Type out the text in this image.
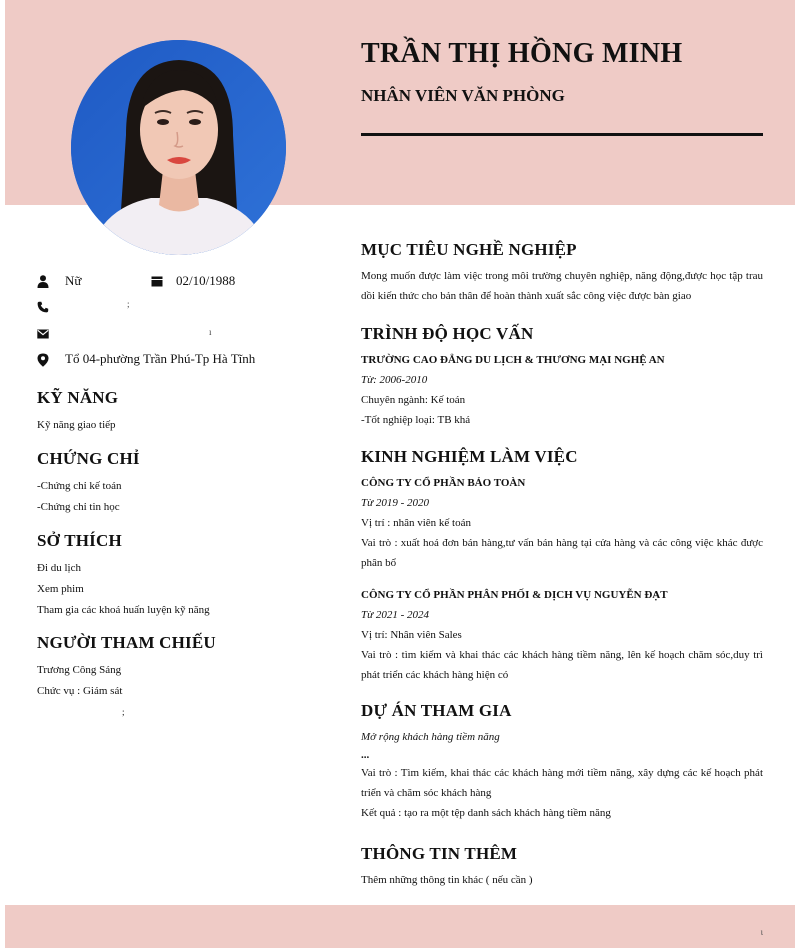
TRẦN THỊ HỒNG MINH
NHÂN VIÊN VĂN PHÒNG
Nữ	02/10/1988
;
ı
Tổ 04-phường Trần Phú-Tp Hà Tĩnh
KỸ NĂNG
Kỹ năng giao tiếp
CHỨNG CHỈ
-Chứng chỉ kế toán
-Chứng chỉ tin học
SỞ THÍCH
Đi du lịch
Xem phim
Tham gia các khoá huấn luyện kỹ năng
NGƯỜI THAM CHIẾU
Trương Công Sáng
Chức vụ : Giám sát
;
MỤC TIÊU NGHỀ NGHIỆP

Mong muốn được làm việc trong môi trường chuyên nghiệp, năng động,được học tập trau dồi kiến thức cho bản thân để hoàn thành xuất sắc công việc được bàn giao

TRÌNH ĐỘ HỌC VẤN

TRƯỜNG CAO ĐẲNG DU LỊCH & THƯƠNG MẠI NGHỆ AN

Từ: 2006-2010

Chuyên ngành: Kế toán

-Tốt nghiệp loại: TB khá

KINH NGHIỆM LÀM VIỆC

CÔNG TY CỔ PHẦN BẢO TOÀN

Từ 2019 - 2020

Vị trí : nhân viên kế toán

Vai trò : xuất hoá đơn bán hàng,tư vấn bán hàng tại cửa hàng và các công việc khác được phân bổ

CÔNG TY CỔ PHẦN PHÂN PHỐI & DỊCH VỤ NGUYỄN ĐẠT

Từ 2021 - 2024

Vị trí: Nhân viên Sales

Vai trò : tìm kiếm và khai thác các khách hàng tiềm năng, lên kế hoạch chăm sóc,duy trì phát triển các khách hàng hiện có

DỰ ÁN THAM GIA

Mở rộng khách hàng tiềm năng

...

Vai trò : Tìm kiếm, khai thác các khách hàng mới tiềm năng, xây dựng các kế hoạch phát triển và chăm sóc khách hàng

Kết quả : tạo ra một tệp danh sách khách hàng tiềm năng

THÔNG TIN THÊM

Thêm những thông tin khác ( nếu cần )

ι
